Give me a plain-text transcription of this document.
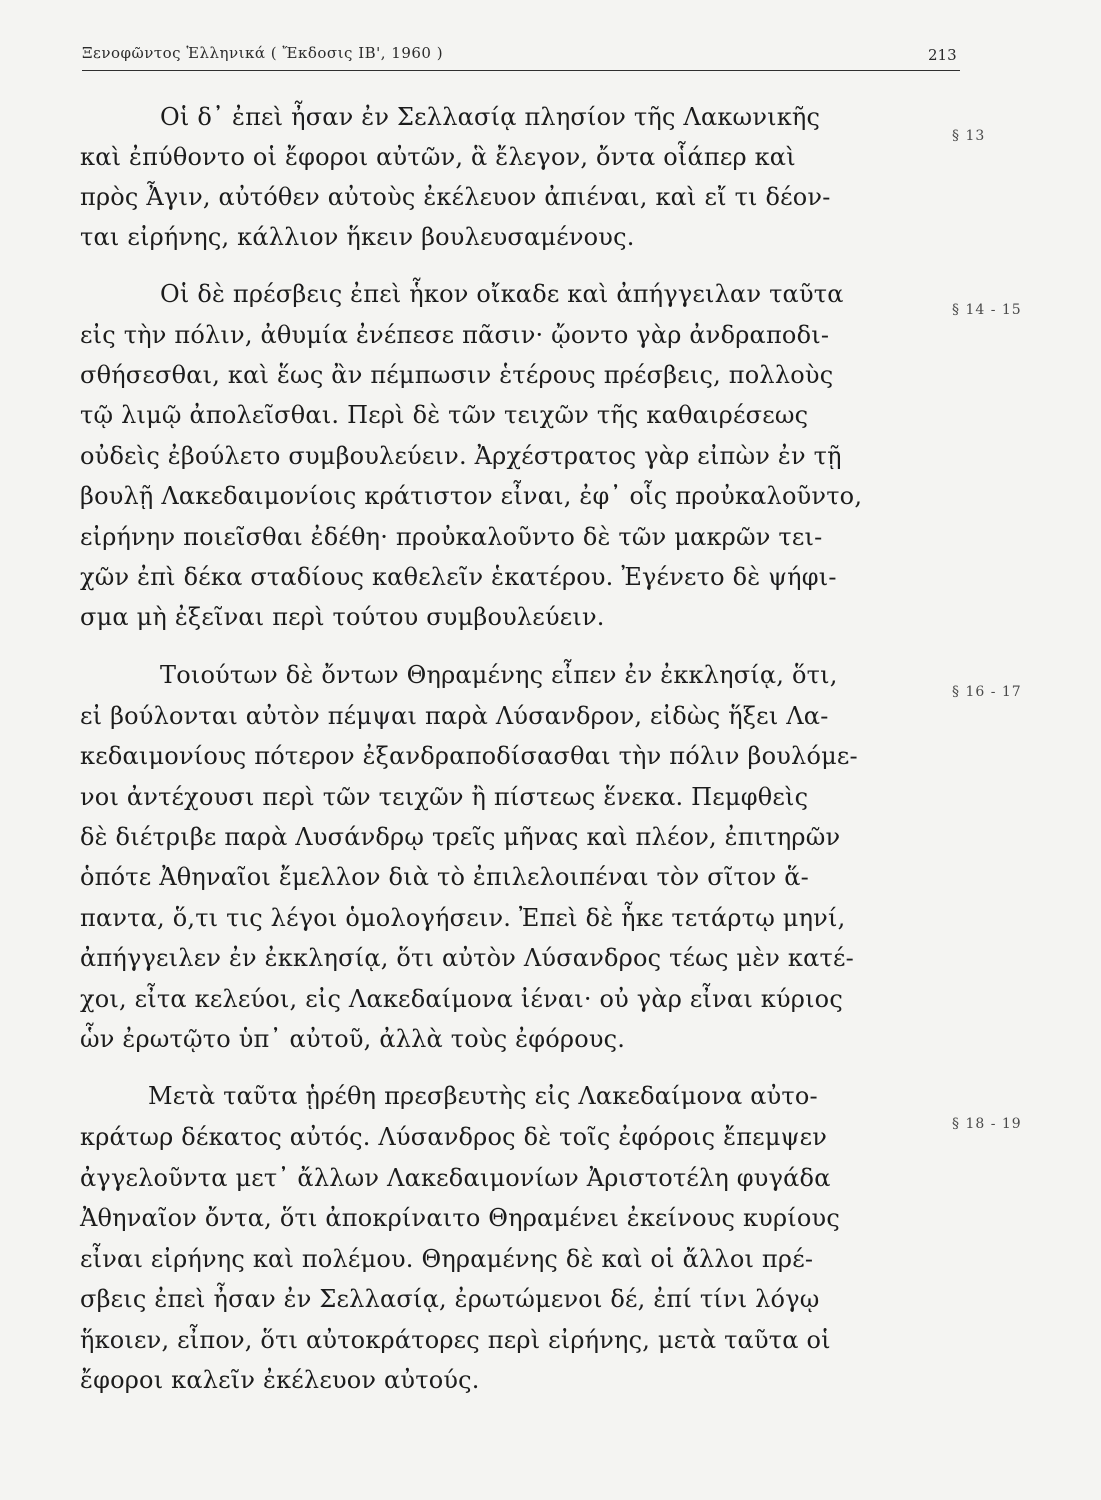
Ξενοφῶντος Ἑλληνικά ( Ἔκδοσις ΙΒ', 1960 )	213
Οἱ δ᾽ ἐπεὶ ἦσαν ἐν Σελλασίᾳ πλησίον τῆς Λακωνικῆς
καὶ ἐπύθοντο οἱ ἔφοροι αὐτῶν, ἃ ἔλεγον, ὄντα οἷάπερ καὶ
πρὸς Ἆγιν, αὐτόθεν αὐτοὺς ἐκέλευον ἀπιέναι, καὶ εἴ τι δέον-
ται εἰρήνης, κάλλιον ἥκειν βουλευσαμένους.
Οἱ δὲ πρέσβεις ἐπεὶ ἧκον οἴκαδε καὶ ἀπήγγειλαν ταῦτα
εἰς τὴν πόλιν, ἀθυμία ἐνέπεσε πᾶσιν· ᾤοντο γὰρ ἀνδραποδι-
σθήσεσθαι, καὶ ἕως ἂν πέμπωσιν ἑτέρους πρέσβεις, πολλοὺς
τῷ λιμῷ ἀπολεῖσθαι. Περὶ δὲ τῶν τειχῶν τῆς καθαιρέσεως
οὐδεὶς ἐβούλετο συμβουλεύειν. Ἀρχέστρατος γὰρ εἰπὼν ἐν τῇ
βουλῇ Λακεδαιμονίοις κράτιστον εἶναι, ἐφ᾽ οἷς προὐκαλοῦντο,
εἰρήνην ποιεῖσθαι ἐδέθη· προὐκαλοῦντο δὲ τῶν μακρῶν τει-
χῶν ἐπὶ δέκα σταδίους καθελεῖν ἑκατέρου. Ἐγένετο δὲ ψήφι-
σμα μὴ ἐξεῖναι περὶ τούτου συμβουλεύειν.
Τοιούτων δὲ ὄντων Θηραμένης εἶπεν ἐν ἐκκλησίᾳ, ὅτι,
εἰ βούλονται αὐτὸν πέμψαι παρὰ Λύσανδρον, εἰδὼς ἥξει Λα-
κεδαιμονίους πότερον ἐξανδραποδίσασθαι τὴν πόλιν βουλόμε-
νοι ἀντέχουσι περὶ τῶν τειχῶν ἢ πίστεως ἕνεκα. Πεμφθεὶς
δὲ διέτριβε παρὰ Λυσάνδρῳ τρεῖς μῆνας καὶ πλέον, ἐπιτηρῶν
ὁπότε Ἀθηναῖοι ἔμελλον διὰ τὸ ἐπιλελοιπέναι τὸν σῖτον ἅ-
παντα, ὅ,τι τις λέγοι ὁμολογήσειν. Ἐπεὶ δὲ ἧκε τετάρτῳ μηνί,
ἀπήγγειλεν ἐν ἐκκλησίᾳ, ὅτι αὐτὸν Λύσανδρος τέως μὲν κατέ-
χοι, εἶτα κελεύοι, εἰς Λακεδαίμονα ἰέναι· οὐ γὰρ εἶναι κύριος
ὧν ἐρωτῷτο ὑπ᾽ αὐτοῦ, ἀλλὰ τοὺς ἐφόρους.
Μετὰ ταῦτα ᾑρέθη πρεσβευτὴς εἰς Λακεδαίμονα αὐτο-
κράτωρ δέκατος αὐτός. Λύσανδρος δὲ τοῖς ἐφόροις ἔπεμψεν
ἀγγελοῦντα μετ᾽ ἄλλων Λακεδαιμονίων Ἀριστοτέλη φυγάδα
Ἀθηναῖον ὄντα, ὅτι ἀποκρίναιτο Θηραμένει ἐκείνους κυρίους
εἶναι εἰρήνης καὶ πολέμου. Θηραμένης δὲ καὶ οἱ ἄλλοι πρέ-
σβεις ἐπεὶ ἦσαν ἐν Σελλασίᾳ, ἐρωτώμενοι δέ, ἐπί τίνι λόγῳ
ἥκοιεν, εἶπον, ὅτι αὐτοκράτορες περὶ εἰρήνης, μετὰ ταῦτα οἱ
ἔφοροι καλεῖν ἐκέλευον αὐτούς.
§ 13
§ 14 - 15
§ 16 - 17
§ 18 - 19
